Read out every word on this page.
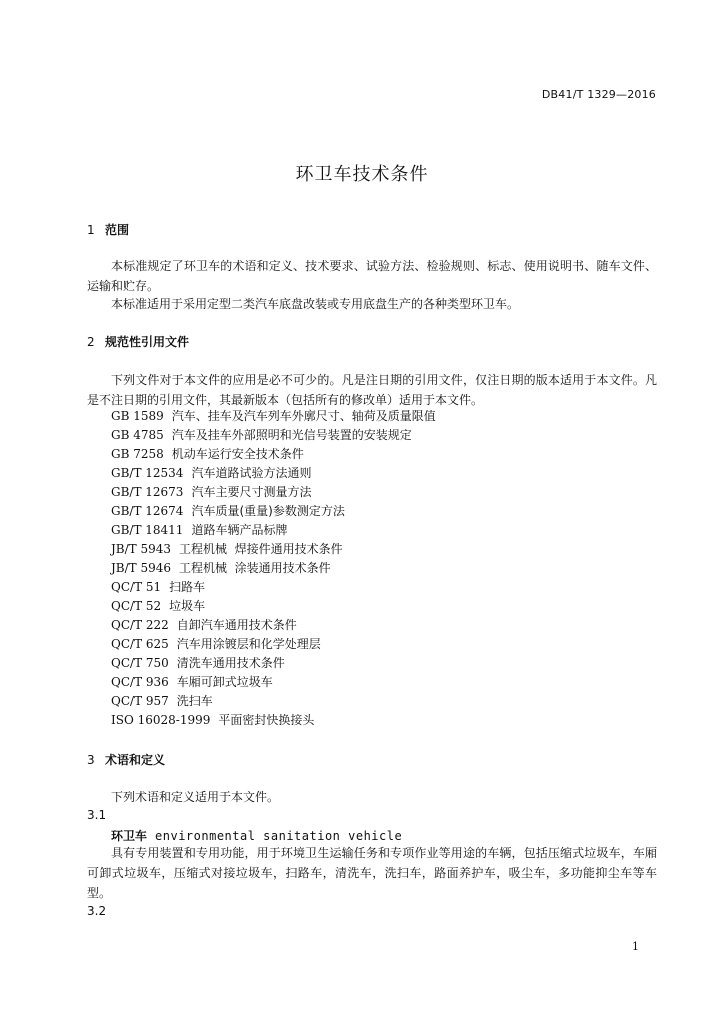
DB41/T 1329—2016
环卫车技术条件
1 范围
本标准规定了环卫车的术语和定义、技术要求、试验方法、检验规则、标志、使用说明书、随车文件、运输和贮存。
本标准适用于采用定型二类汽车底盘改装或专用底盘生产的各种类型环卫车。
2 规范性引用文件
下列文件对于本文件的应用是必不可少的。凡是注日期的引用文件，仅注日期的版本适用于本文件。凡是不注日期的引用文件，其最新版本（包括所有的修改单）适用于本文件。
GB 1589 汽车、挂车及汽车列车外廓尺寸、轴荷及质量限值
GB 4785 汽车及挂车外部照明和光信号装置的安装规定
GB 7258 机动车运行安全技术条件
GB/T 12534 汽车道路试验方法通则
GB/T 12673 汽车主要尺寸测量方法
GB/T 12674 汽车质量(重量)参数测定方法
GB/T 18411 道路车辆产品标牌
JB/T 5943 工程机械  焊接件通用技术条件
JB/T 5946 工程机械  涂装通用技术条件
QC/T 51 扫路车
QC/T 52 垃圾车
QC/T 222 自卸汽车通用技术条件
QC/T 625 汽车用涂镀层和化学处理层
QC/T 750 清洗车通用技术条件
QC/T 936 车厢可卸式垃圾车
QC/T 957 洗扫车
ISO 16028-1999 平面密封快换接头
3 术语和定义
下列术语和定义适用于本文件。
3.1
环卫车 environmental sanitation vehicle
具有专用装置和专用功能，用于环境卫生运输任务和专项作业等用途的车辆，包括压缩式垃圾车，车厢可卸式垃圾车，压缩式对接垃圾车，扫路车，清洗车，洗扫车，路面养护车，吸尘车，多功能抑尘车等车型。
3.2
1
